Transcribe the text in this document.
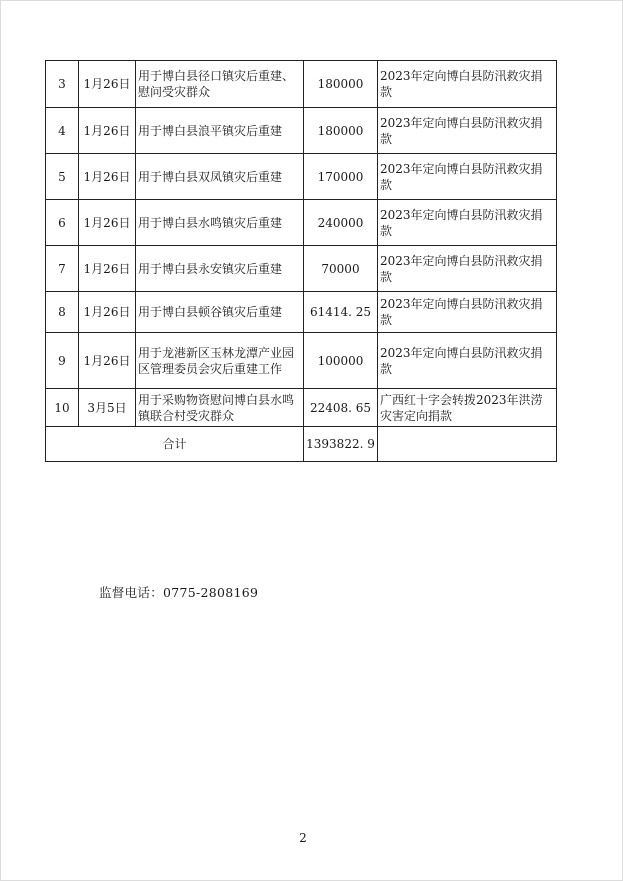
3	1月26日	用于博白县径口镇灾后重建、慰问受灾群众	180000	2023年定向博白县防汛救灾捐款
4	1月26日	用于博白县浪平镇灾后重建	180000	2023年定向博白县防汛救灾捐款
5	1月26日	用于博白县双凤镇灾后重建	170000	2023年定向博白县防汛救灾捐款
6	1月26日	用于博白县水鸣镇灾后重建	240000	2023年定向博白县防汛救灾捐款
7	1月26日	用于博白县永安镇灾后重建	70000	2023年定向博白县防汛救灾捐款
8	1月26日	用于博白县顿谷镇灾后重建	61414. 25	2023年定向博白县防汛救灾捐款
9	1月26日	用于龙港新区玉林龙潭产业园区管理委员会灾后重建工作	100000	2023年定向博白县防汛救灾捐款
10	3月5日	用于采购物资慰问博白县水鸣镇联合村受灾群众	22408. 65	广西红十字会转拨2023年洪涝灾害定向捐款
合计			1393822. 9	
监督电话：0775-2808169
2
